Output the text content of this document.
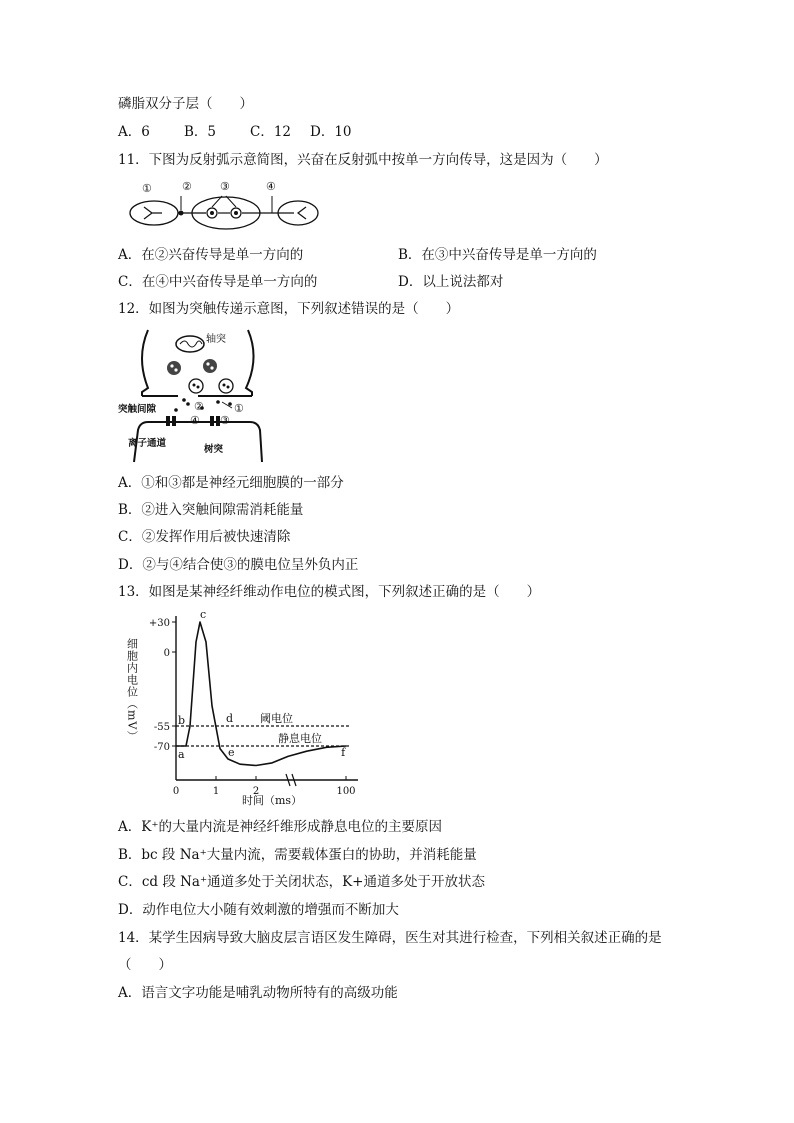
磷脂双分子层（　　）
A．6	B．5	C．12 D．10
11．下图为反射弧示意简图，兴奋在反射弧中按单一方向传导，这是因为（　　）
①	②	③	④
A．在②兴奋传导是单一方向的	B．在③中兴奋传导是单一方向的
C．在④中兴奋传导是单一方向的	D．以上说法都对
12．如图为突触传递示意图，下列叙述错误的是（　　）
轴突
突触间隙	②	①
④ ③
离子通道
树突
A．①和③都是神经元细胞膜的一部分
B．②进入突触间隙需消耗能量
C．②发挥作用后被快速清除
D．②与④结合使③的膜电位呈外负内正
13．如图是某神经纤维动作电位的模式图，下列叙述正确的是（　　）
细胞内电位（mV）
时间（ms）
阈电位
静息电位
+30
0
-55
-70
0	1	2	100
a
b
c
d
e	f
A．K⁺的大量内流是神经纤维形成静息电位的主要原因
B．bc 段 Na⁺大量内流，需要载体蛋白的协助，并消耗能量
C．cd 段 Na⁺通道多处于关闭状态，K+通道多处于开放状态
D．动作电位大小随有效刺激的增强而不断加大
14．某学生因病导致大脑皮层言语区发生障碍，医生对其进行检查，下列相关叙述正确的是
（　　）
A．语言文字功能是哺乳动物所特有的高级功能
